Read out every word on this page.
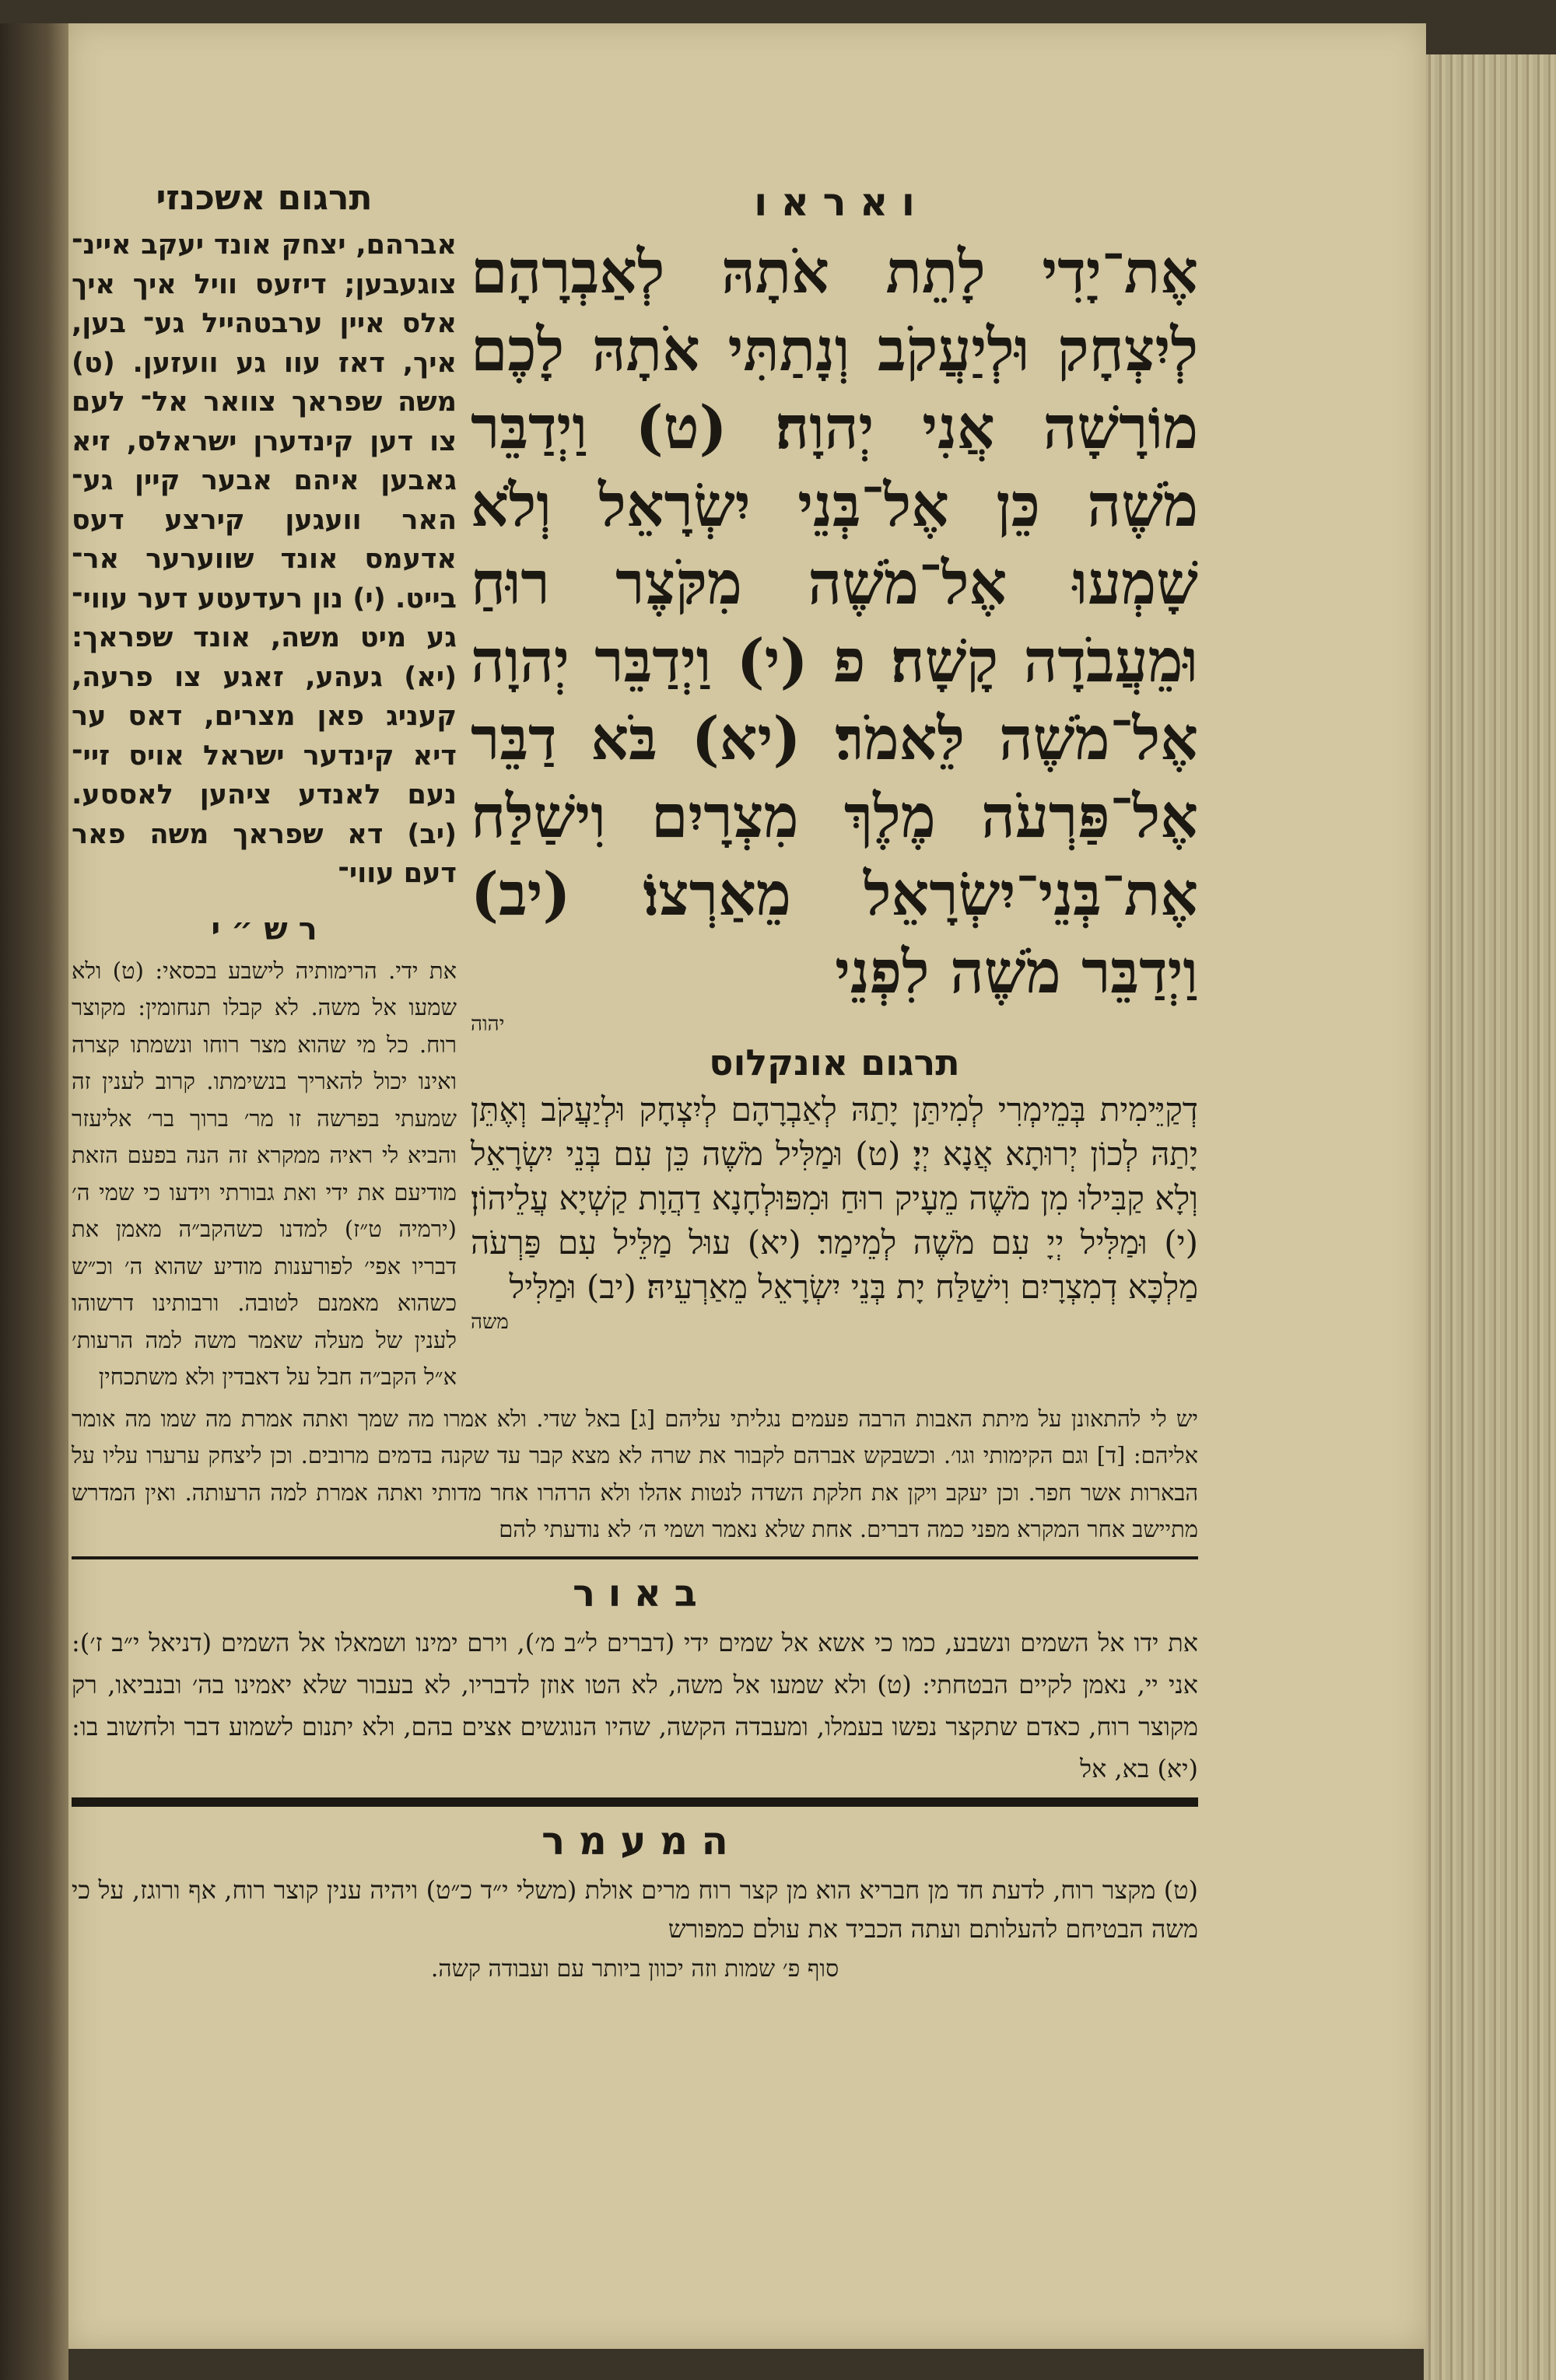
תרגום אשכנזי
אברהם, יצחק אונד יעקב איינ־ צוגעבען; דיזעס וויל איך איך אלס איין ערבטהייל גע־ בען, איך, דאז עוו גע וועזען. (ט) משה שפראך צוואר אל־ לעם צו דען קינדערן ישראלס, זיא גאבען איהם אבער קיין גע־ האר וועגען קירצע דעס אדעמס אונד שווערער אר־ בייט. (י) נון רעדעטע דער עווי־ גע מיט משה, אונד שפראך: (יא) געהע, זאגע צו פרעה, קעניג פאן מצרים, דאס ער דיא קינדער ישראל אויס זיי־ נעם לאנדע ציהען לאססע. (יב) דא שפראך משה פאר דעם עווי־
ר ש ״ י
את ידי. הרימותיה לישבע בכסאי: (ט) ולא שמעו אל משה. לא קבלו תנחומין: מקוצר רוח. כל מי שהוא מצר רוחו ונשמתו קצרה ואינו יכול להאריך בנשימתו. קרוב לענין זה שמעתי בפרשה זו מר׳ ברוך בר׳ אליעזר והביא לי ראיה ממקרא זה הנה בפעם הזאת מודיעם את ידי ואת גבורתי וידעו כי שמי ה׳ (ירמיה ט״ז) למדנו כשהקב״ה מאמן את דבריו אפי׳ לפורענות מודיע שהוא ה׳ וכ״ש כשהוא מאמנם לטובה. ורבותינו דרשוהו לענין של מעלה שאמר משה למה הרעות׳ א״ל הקב״ה חבל על דאבדין ולא משתכחין
ו א ר א ו
אֶת־יָדִי לָתֵת אֹתָהּ לְאַבְרָהָם לְיִצְחָק וּלְיַעֲקֹב וְנָתַתִּי אֹתָהּ לָכֶם מוֹרָשָׁה אֲנִי יְהוָה׃ (ט) וַיְדַבֵּר מֹשֶׁה כֵּן אֶל־בְּנֵי יִשְׂרָאֵל וְלֹא שָׁמְעוּ אֶל־מֹשֶׁה מִקֹּצֶר רוּחַ וּמֵעֲבֹדָה קָשָׁה׃ פ (י) וַיְדַבֵּר יְהוָה אֶל־מֹשֶׁה לֵּאמֹר׃ (יא) בֹּא דַבֵּר אֶל־פַּרְעֹה מֶלֶךְ מִצְרָיִם וִישַׁלַּח אֶת־בְּנֵי־יִשְׂרָאֵל מֵאַרְצוֹ׃ (יב) וַיְדַבֵּר מֹשֶׁה לִפְנֵי
יהוה
תרגום אונקלוס
דְקַיֵּימִית בְּמֵימְרִי לְמִיתַּן יָתַהּ לְאַבְרָהָם לְיִצְחָק וּלְיַעֲקֹב וְאֶתֵּן יָתַהּ לְכוֹן יְרוּתָא אֲנָא יְיָ׃ (ט) וּמַלִּיל מֹשֶׁה כֵּן עִם בְּנֵי יִשְׂרָאֵל וְלָא קַבִּילוּ מִן מֹשֶׁה מֵעָיק רוּחַ וּמִפּוּלְחָנָא דַהֲוָת קַשְׁיָא עֲלֵיהוֹן׃ (י) וּמַלִּיל יְיָ עִם מֹשֶׁה לְמֵימַר׃ (יא) עוּל מַלֵּיל עִם פַּרְעֹה מַלְכָּא דְמִצְרָיִם וִישַׁלַּח יָת בְּנֵי יִשְׂרָאֵל מֵאַרְעֵיהּ׃ (יב) וּמַלִּיל
משה
יש לי להתאונן על מיתת האבות הרבה פעמים נגליתי עליהם [ג] באל שדי. ולא אמרו מה שמך ואתה אמרת מה שמו מה אומר אליהם: [ד] וגם הקימותי וגו׳. וכשבקש אברהם לקבור את שרה לא מצא קבר עד שקנה בדמים מרובים. וכן ליצחק ערערו עליו על הבארות אשר חפר. וכן יעקב ויקן את חלקת השדה לנטות אהלו ולא הרהרו אחר מדותי ואתה אמרת למה הרעותה. ואין המדרש מתיישב אחר המקרא מפני כמה דברים. אחת שלא נאמר ושמי ה׳ לא נודעתי להם
ב א ו ר
את ידו אל השמים ונשבע, כמו כי אשא אל שמים ידי (דברים ל״ב מ׳), וירם ימינו ושמאלו אל השמים (דניאל י״ב ז׳): אני יי, נאמן לקיים הבטחתי: (ט) ולא שמעו אל משה, לא הטו אוזן לדבריו, לא בעבור שלא יאמינו בה׳ ובנביאו, רק מקוצר רוח, כאדם שתקצר נפשו בעמלו, ומעבדה הקשה, שהיו הנוגשים אצים בהם, ולא יתנום לשמוע דבר ולחשוב בו: (יא) בא, אל
ה מ ע מ ר
(ט) מקצר רוח, לדעת חד מן חבריא הוא מן קצר רוח מרים אולת (משלי י״ד כ״ט) ויהיה ענין קוצר רוח, אף ורוגז, על כי משה הבטיחם להעלותם ועתה הכביד את עולם כמפורש
סוף פ׳ שמות וזה יכוון ביותר עם ועבודה קשה.
